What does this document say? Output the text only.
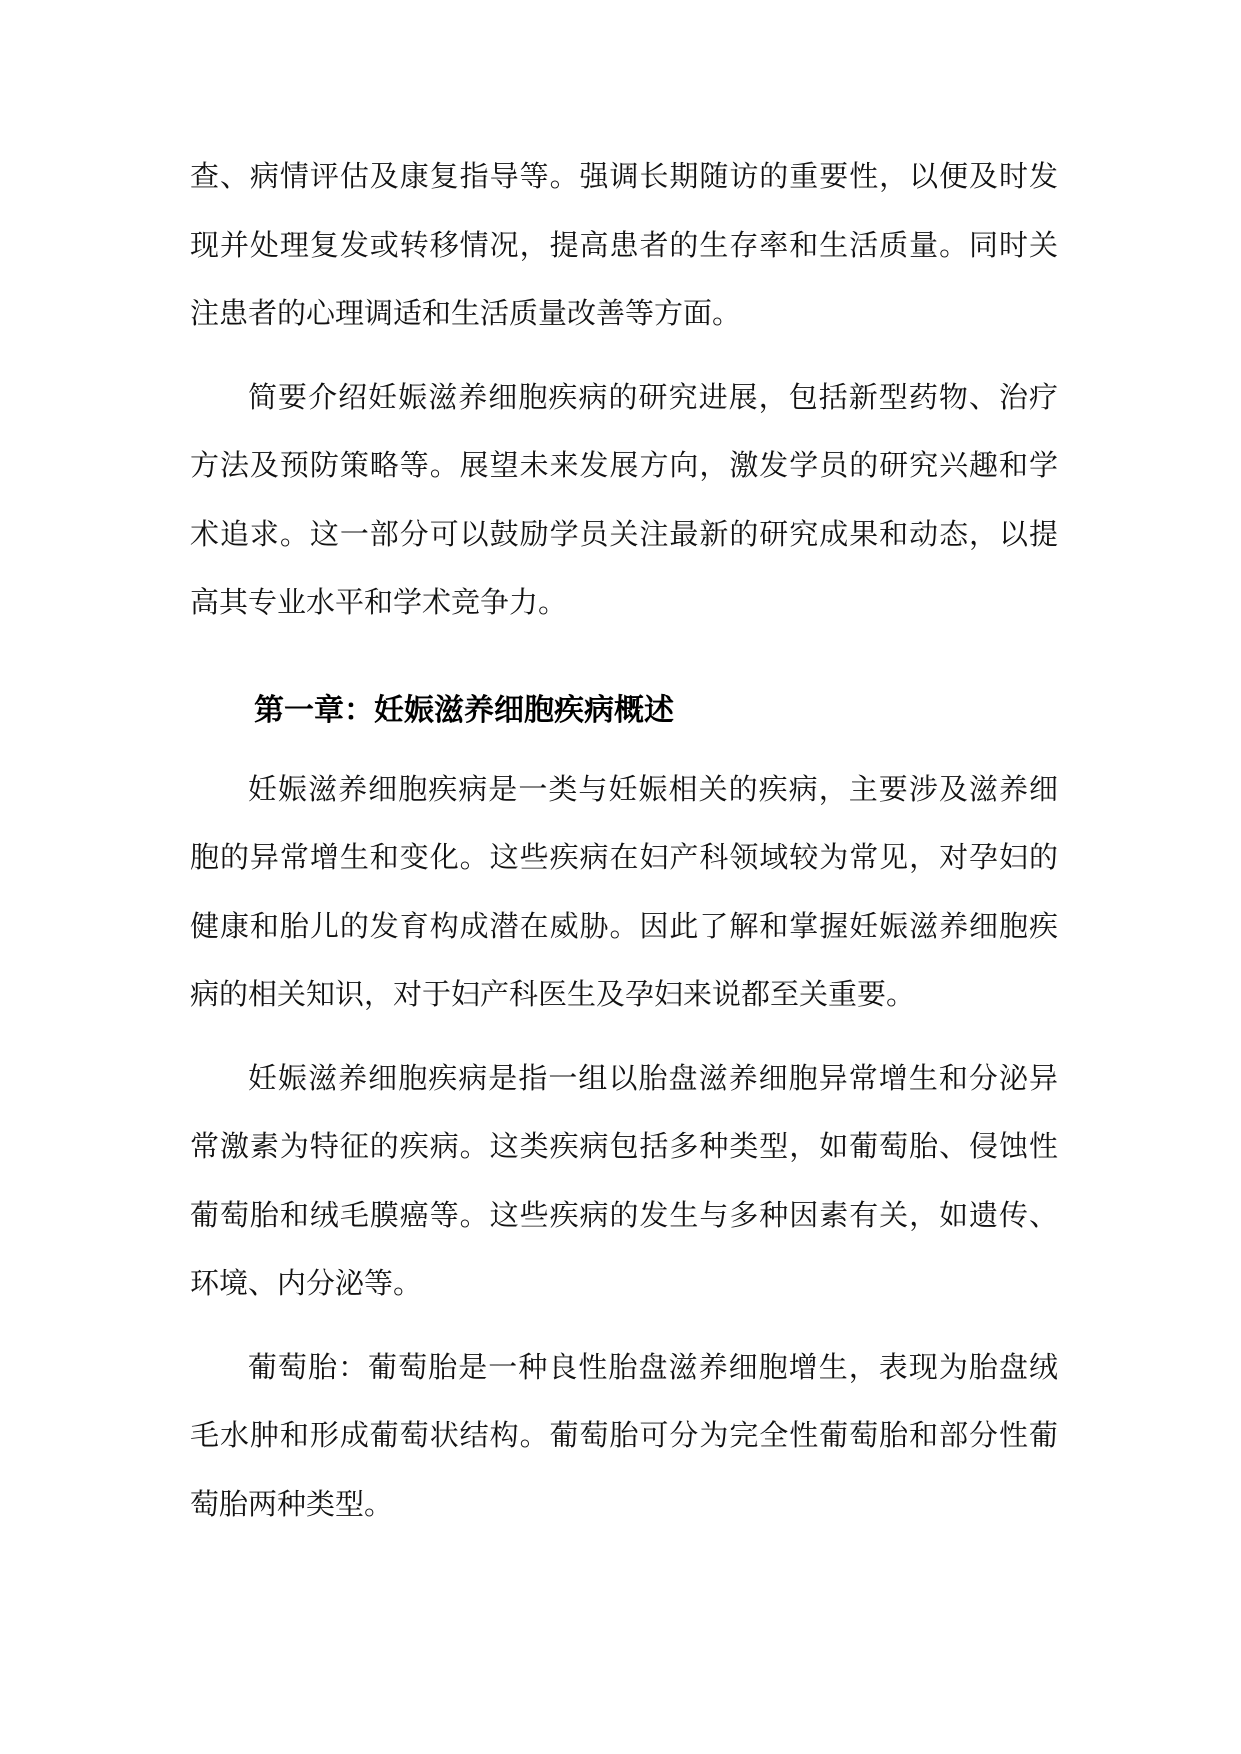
查、病情评估及康复指导等。强调长期随访的重要性，以便及时发现并处理复发或转移情况，提高患者的生存率和生活质量。同时关注患者的心理调适和生活质量改善等方面。

简要介绍妊娠滋养细胞疾病的研究进展，包括新型药物、治疗方法及预防策略等。展望未来发展方向，激发学员的研究兴趣和学术追求。这一部分可以鼓励学员关注最新的研究成果和动态，以提高其专业水平和学术竞争力。

第一章：妊娠滋养细胞疾病概述

妊娠滋养细胞疾病是一类与妊娠相关的疾病，主要涉及滋养细胞的异常增生和变化。这些疾病在妇产科领域较为常见，对孕妇的健康和胎儿的发育构成潜在威胁。因此了解和掌握妊娠滋养细胞疾病的相关知识，对于妇产科医生及孕妇来说都至关重要。

妊娠滋养细胞疾病是指一组以胎盘滋养细胞异常增生和分泌异常激素为特征的疾病。这类疾病包括多种类型，如葡萄胎、侵蚀性葡萄胎和绒毛膜癌等。这些疾病的发生与多种因素有关，如遗传、环境、内分泌等。

葡萄胎：葡萄胎是一种良性胎盘滋养细胞增生，表现为胎盘绒毛水肿和形成葡萄状结构。葡萄胎可分为完全性葡萄胎和部分性葡萄胎两种类型。
